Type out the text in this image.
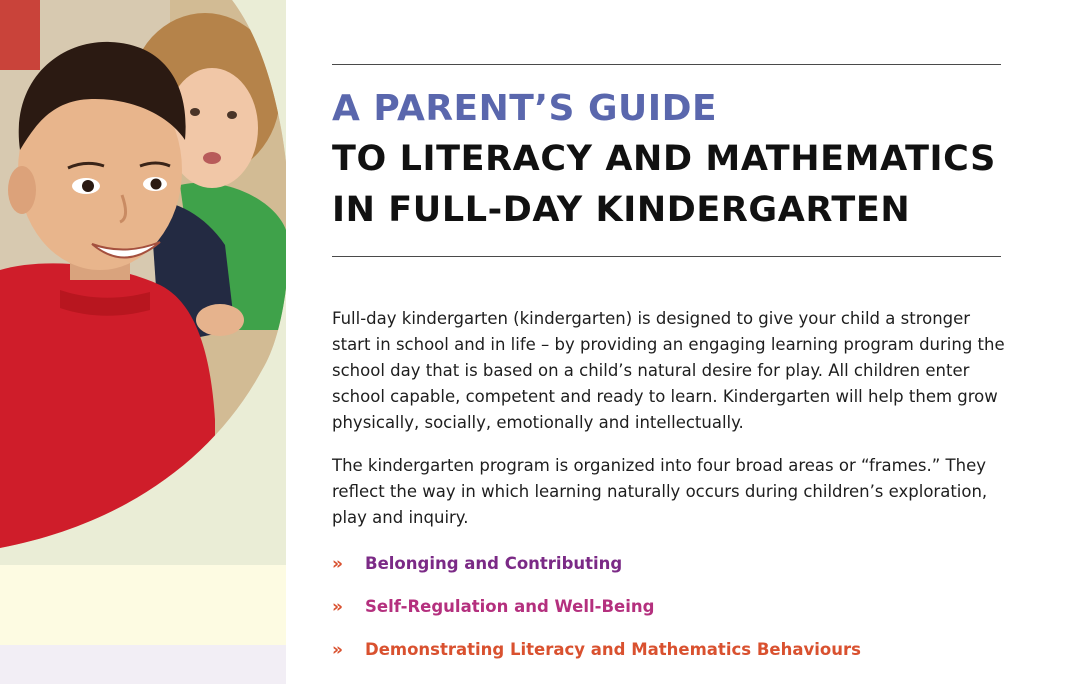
A PARENT’S GUIDE
TO LITERACY AND MATHEMATICS
IN FULL-DAY KINDERGARTEN

Full-day kindergarten (kindergarten) is designed to give your child a stronger start in school and in life – by providing an engaging learning program during the school day that is based on a child’s natural desire for play. All children enter school capable, competent and ready to learn. Kindergarten will help them grow physically, socially, emotionally and intellectually.

The kindergarten program is organized into four broad areas or “frames.” They reflect the way in which learning naturally occurs during children’s exploration, play and inquiry.

» Belonging and Contributing
» Self-Regulation and Well-Being
» Demonstrating Literacy and Mathematics Behaviours
